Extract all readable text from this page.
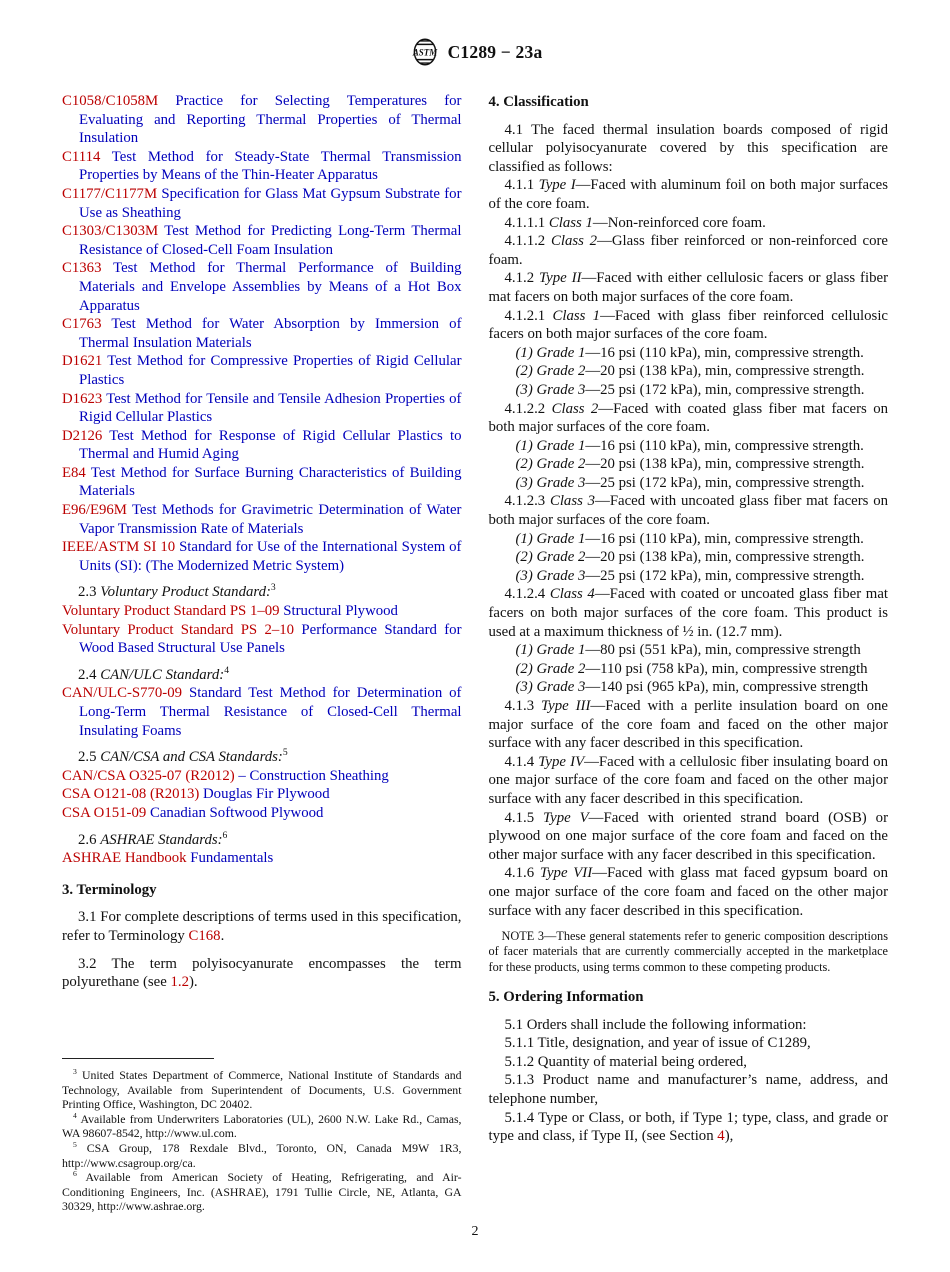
ASTM C1289 − 23a

C1058/C1058M Practice for Selecting Temperatures for Evaluating and Reporting Thermal Properties of Thermal Insulation

C1114 Test Method for Steady-State Thermal Transmission Properties by Means of the Thin-Heater Apparatus

C1177/C1177M Specification for Glass Mat Gypsum Substrate for Use as Sheathing

C1303/C1303M Test Method for Predicting Long-Term Thermal Resistance of Closed-Cell Foam Insulation

C1363 Test Method for Thermal Performance of Building Materials and Envelope Assemblies by Means of a Hot Box Apparatus

C1763 Test Method for Water Absorption by Immersion of Thermal Insulation Materials

D1621 Test Method for Compressive Properties of Rigid Cellular Plastics

D1623 Test Method for Tensile and Tensile Adhesion Properties of Rigid Cellular Plastics

D2126 Test Method for Response of Rigid Cellular Plastics to Thermal and Humid Aging

E84 Test Method for Surface Burning Characteristics of Building Materials

E96/E96M Test Methods for Gravimetric Determination of Water Vapor Transmission Rate of Materials

IEEE/ASTM SI 10 Standard for Use of the International System of Units (SI): (The Modernized Metric System)

2.3 Voluntary Product Standard:$^3$

Voluntary Product Standard PS 1–09 Structural Plywood

Voluntary Product Standard PS 2–10 Performance Standard for Wood Based Structural Use Panels

2.4 CAN/ULC Standard:$^4$

CAN/ULC-S770-09 Standard Test Method for Determination of Long-Term Thermal Resistance of Closed-Cell Thermal Insulating Foams

2.5 CAN/CSA and CSA Standards:$^5$

CAN/CSA O325-07 (R2012) – Construction Sheathing

CSA O121-08 (R2013) Douglas Fir Plywood

CSA O151-09 Canadian Softwood Plywood

2.6 ASHRAE Standards:$^6$

ASHRAE Handbook Fundamentals

3. Terminology

3.1 For complete descriptions of terms used in this specification, refer to Terminology C168.

3.2 The term polyisocyanurate encompasses the term polyurethane (see 1.2).

$^3$ United States Department of Commerce, National Institute of Standards and Technology, Available from Superintendent of Documents, U.S. Government Printing Office, Washington, DC 20402.

$^4$ Available from Underwriters Laboratories (UL), 2600 N.W. Lake Rd., Camas, WA 98607-8542, http://www.ul.com.

$^5$ CSA Group, 178 Rexdale Blvd., Toronto, ON, Canada M9W 1R3, http://www.csagroup.org/ca.

$^6$ Available from American Society of Heating, Refrigerating, and Air-Conditioning Engineers, Inc. (ASHRAE), 1791 Tullie Circle, NE, Atlanta, GA 30329, http://www.ashrae.org.

4. Classification

4.1 The faced thermal insulation boards composed of rigid cellular polyisocyanurate covered by this specification are classified as follows:

4.1.1 Type I—Faced with aluminum foil on both major surfaces of the core foam.

4.1.1.1 Class 1—Non-reinforced core foam.

4.1.1.2 Class 2—Glass fiber reinforced or non-reinforced core foam.

4.1.2 Type II—Faced with either cellulosic facers or glass fiber mat facers on both major surfaces of the core foam.

4.1.2.1 Class 1—Faced with glass fiber reinforced cellulosic facers on both major surfaces of the core foam.

(1) Grade 1—16 psi (110 kPa), min, compressive strength.

(2) Grade 2—20 psi (138 kPa), min, compressive strength.

(3) Grade 3—25 psi (172 kPa), min, compressive strength.

4.1.2.2 Class 2—Faced with coated glass fiber mat facers on both major surfaces of the core foam.

(1) Grade 1—16 psi (110 kPa), min, compressive strength.

(2) Grade 2—20 psi (138 kPa), min, compressive strength.

(3) Grade 3—25 psi (172 kPa), min, compressive strength.

4.1.2.3 Class 3—Faced with uncoated glass fiber mat facers on both major surfaces of the core foam.

(1) Grade 1—16 psi (110 kPa), min, compressive strength.

(2) Grade 2—20 psi (138 kPa), min, compressive strength.

(3) Grade 3—25 psi (172 kPa), min, compressive strength.

4.1.2.4 Class 4—Faced with coated or uncoated glass fiber mat facers on both major surfaces of the core foam. This product is used at a maximum thickness of ½ in. (12.7 mm).

(1) Grade 1—80 psi (551 kPa), min, compressive strength

(2) Grade 2—110 psi (758 kPa), min, compressive strength

(3) Grade 3—140 psi (965 kPa), min, compressive strength

4.1.3 Type III—Faced with a perlite insulation board on one major surface of the core foam and faced on the other major surface with any facer described in this specification.

4.1.4 Type IV—Faced with a cellulosic fiber insulating board on one major surface of the core foam and faced on the other major surface with any facer described in this specification.

4.1.5 Type V—Faced with oriented strand board (OSB) or plywood on one major surface of the core foam and faced on the other major surface with any facer described in this specification.

4.1.6 Type VII—Faced with glass mat faced gypsum board on one major surface of the core foam and faced on the other major surface with any facer described in this specification.

NOTE 3—These general statements refer to generic composition descriptions of facer materials that are currently commercially accepted in the marketplace for these products, using terms common to these competing products.

5. Ordering Information

5.1 Orders shall include the following information:

5.1.1 Title, designation, and year of issue of C1289,

5.1.2 Quantity of material being ordered,

5.1.3 Product name and manufacturer’s name, address, and telephone number,

5.1.4 Type or Class, or both, if Type 1; type, class, and grade or type and class, if Type II, (see Section 4),

2
